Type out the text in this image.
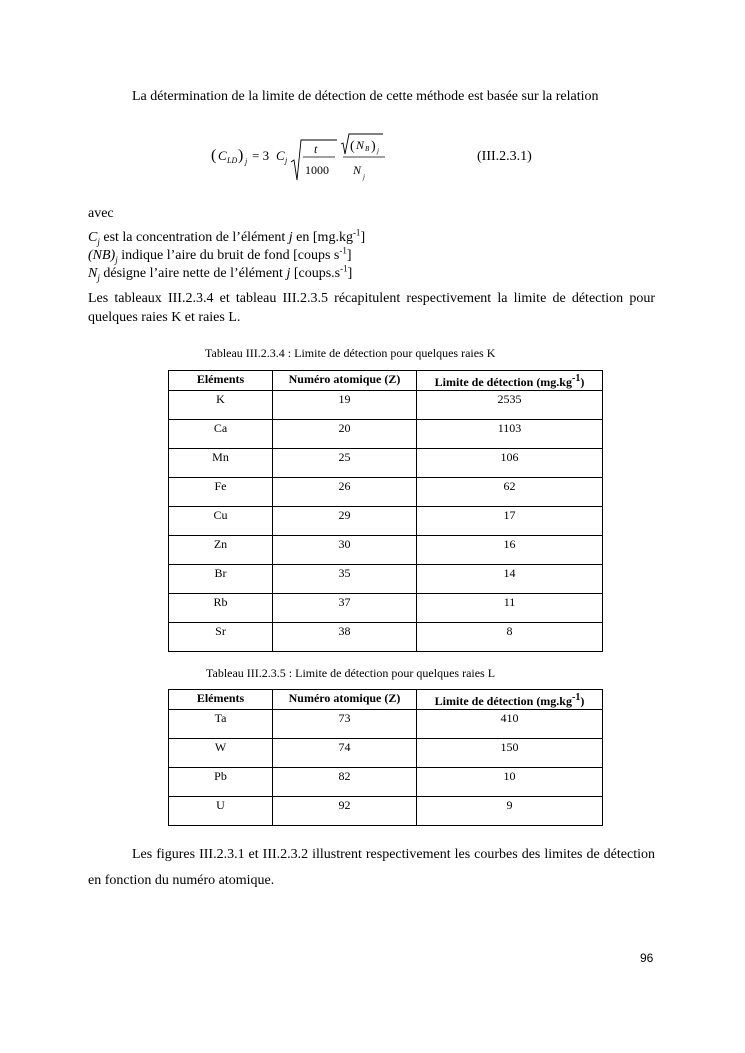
La détermination de la limite de détection de cette méthode est basée sur la relation
( C LD ) j = 3 C j
t
1000
( N B ) j
N j
(III.2.3.1)
avec
$C_j$ est la concentration de l’élément j en $[mg.kg^{-1}]$
$(NB)_j$ indique l’aire du bruit de fond [coups $s^{-1}$]
$N_j$ désigne l’aire nette de l’élément j $[coups.s^{-1}]$
Les tableaux III.2.3.4 et tableau III.2.3.5 récapitulent respectivement la limite de détection pour quelques raies K et raies L.
Tableau III.2.3.4 : Limite de détection pour quelques raies K
Eléments	Numéro atomique (Z)	Limite de détection $(mg.kg^{-1})$
K	19	2535
Ca	20	1103
Mn	25	106
Fe	26	62
Cu	29	17
Zn	30	16
Br	35	14
Rb	37	11
Sr	38	8
Tableau III.2.3.5 : Limite de détection pour quelques raies L
Eléments	Numéro atomique (Z)	Limite de détection $(mg.kg^{-1})$
Ta	73	410
W	74	150
Pb	82	10
U	92	9
Les figures III.2.3.1 et III.2.3.2 illustrent respectivement les courbes des limites de détection en fonction du numéro atomique.
96
